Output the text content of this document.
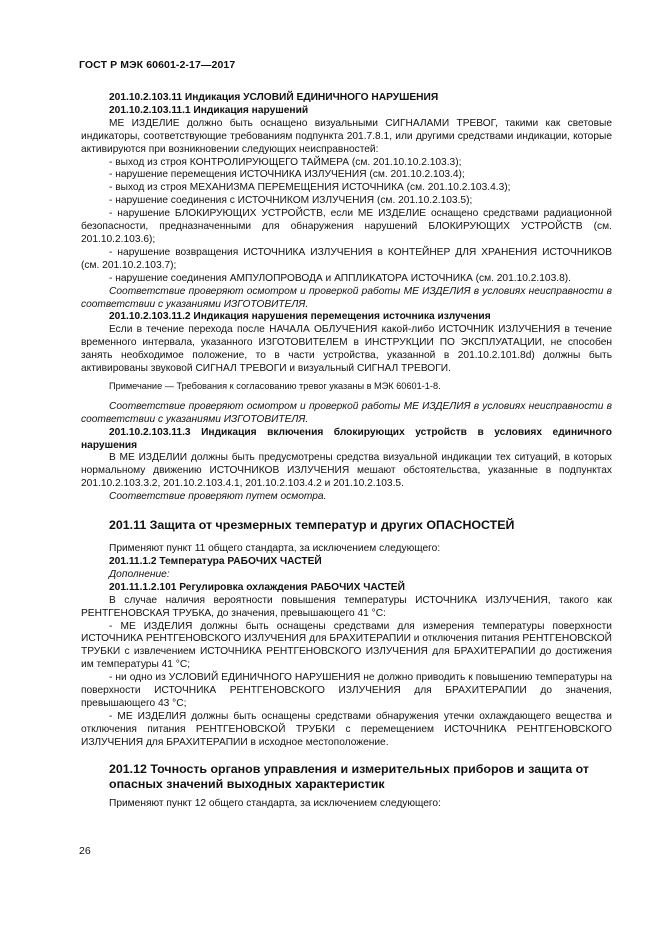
ГОСТ Р МЭК 60601-2-17—2017

201.10.2.103.11 Индикация УСЛОВИЙ ЕДИНИЧНОГО НАРУШЕНИЯ

201.10.2.103.11.1 Индикация нарушений

МЕ ИЗДЕЛИЕ должно быть оснащено визуальными СИГНАЛАМИ ТРЕВОГ, такими как световые индикаторы, соответствующие требованиям подпункта 201.7.8.1, или другими средствами индикации, которые активируются при возникновении следующих неисправностей:

- выход из строя КОНТРОЛИРУЮЩЕГО ТАЙМЕРА (см. 201.10.10.2.103.3);

- нарушение перемещения ИСТОЧНИКА ИЗЛУЧЕНИЯ (см. 201.10.2.103.4);

- выход из строя МЕХАНИЗМА ПЕРЕМЕЩЕНИЯ ИСТОЧНИКА (см. 201.10.2.103.4.3);

- нарушение соединения с ИСТОЧНИКОМ ИЗЛУЧЕНИЯ (см. 201.10.2.103.5);

- нарушение БЛОКИРУЮЩИХ УСТРОЙСТВ, если МЕ ИЗДЕЛИЕ оснащено средствами радиационной безопасности, предназначенными для обнаружения нарушений БЛОКИРУЮЩИХ УСТРОЙСТВ (см. 201.10.2.103.6);

- нарушение возвращения ИСТОЧНИКА ИЗЛУЧЕНИЯ в КОНТЕЙНЕР ДЛЯ ХРАНЕНИЯ ИСТОЧНИКОВ (см. 201.10.2.103.7);

- нарушение соединения АМПУЛОПРОВОДА и АППЛИКАТОРА ИСТОЧНИКА (см. 201.10.2.103.8).

Соответствие проверяют осмотром и проверкой работы МЕ ИЗДЕЛИЯ в условиях неисправности в соответствии с указаниями ИЗГОТОВИТЕЛЯ.

201.10.2.103.11.2 Индикация нарушения перемещения источника излучения

Если в течение перехода после НАЧАЛА ОБЛУЧЕНИЯ какой-либо ИСТОЧНИК ИЗЛУЧЕНИЯ в течение временного интервала, указанного ИЗГОТОВИТЕЛЕМ в ИНСТРУКЦИИ ПО ЭКСПЛУАТАЦИИ, не способен занять необходимое положение, то в части устройства, указанной в 201.10.2.101.8d) должны быть активированы звуковой СИГНАЛ ТРЕВОГИ и визуальный СИГНАЛ ТРЕВОГИ.

Примечание — Требования к согласованию тревог указаны в МЭК 60601-1-8.

Соответствие проверяют осмотром и проверкой работы МЕ ИЗДЕЛИЯ в условиях неисправности в соответствии с указаниями ИЗГОТОВИТЕЛЯ.

201.10.2.103.11.3 Индикация включения блокирующих устройств в условиях единичного нарушения

В МЕ ИЗДЕЛИИ должны быть предусмотрены средства визуальной индикации тех ситуаций, в которых нормальному движению ИСТОЧНИКОВ ИЗЛУЧЕНИЯ мешают обстоятельства, указанные в подпунктах 201.10.2.103.3.2, 201.10.2.103.4.1, 201.10.2.103.4.2 и 201.10.2.103.5.

Соответствие проверяют путем осмотра.

201.11 Защита от чрезмерных температур и других ОПАСНОСТЕЙ

Применяют пункт 11 общего стандарта, за исключением следующего:

201.11.1.2 Температура РАБОЧИХ ЧАСТЕЙ

Дополнение:

201.11.1.2.101 Регулировка охлаждения РАБОЧИХ ЧАСТЕЙ

В случае наличия вероятности повышения температуры ИСТОЧНИКА ИЗЛУЧЕНИЯ, такого как РЕНТГЕНОВСКАЯ ТРУБКА, до значения, превышающего 41 °С:

- МЕ ИЗДЕЛИЯ должны быть оснащены средствами для измерения температуры поверхности ИСТОЧНИКА РЕНТГЕНОВСКОГО ИЗЛУЧЕНИЯ для БРАХИТЕРАПИИ и отключения питания РЕНТГЕНОВСКОЙ ТРУБКИ с извлечением ИСТОЧНИКА РЕНТГЕНОВСКОГО ИЗЛУЧЕНИЯ для БРАХИТЕРАПИИ до достижения им температуры 41 °С;

- ни одно из УСЛОВИЙ ЕДИНИЧНОГО НАРУШЕНИЯ не должно приводить к повышению температуры на поверхности ИСТОЧНИКА РЕНТГЕНОВСКОГО ИЗЛУЧЕНИЯ для БРАХИТЕРАПИИ до значения, превышающего 43 °С;

- МЕ ИЗДЕЛИЯ должны быть оснащены средствами обнаружения утечки охлаждающего вещества и отключения питания РЕНТГЕНОВСКОЙ ТРУБКИ с перемещением ИСТОЧНИКА РЕНТГЕНОВСКОГО ИЗЛУЧЕНИЯ для БРАХИТЕРАПИИ в исходное местоположение.

201.12 Точность органов управления и измерительных приборов и защита от опасных значений выходных характеристик

Применяют пункт 12 общего стандарта, за исключением следующего:

26
